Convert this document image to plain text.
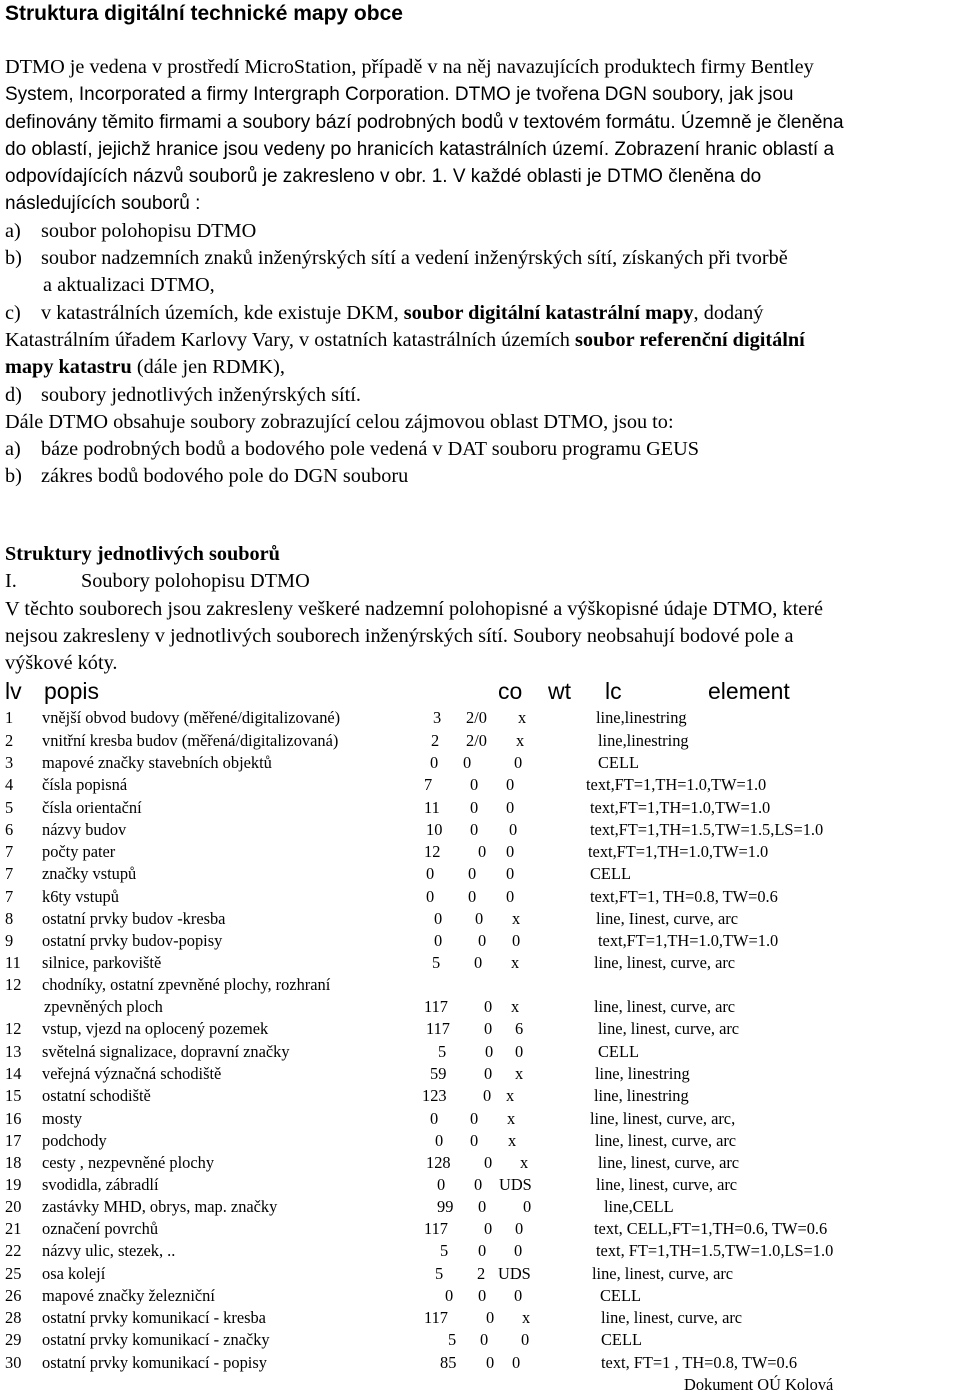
Struktura digitální technické mapy obce

DTMO je vedena v prostředí MicroStation, případě v na něj navazujících produktech firmy Bentley

System, Incorporated a firmy Intergraph Corporation. DTMO je tvořena DGN soubory, jak jsou

definovány těmito firmami a soubory bází podrobných bodů v textovém formátu. Územně je členěna

do oblastí, jejichž hranice jsou vedeny po hranicích katastrálních území. Zobrazení hranic oblastí a

odpovídajících názvů souborů je zakresleno v obr. 1. V každé oblasti je DTMO členěna do

následujících souborů :

a) soubor polohopisu DTMO

b) soubor nadzemních znaků inženýrských sítí a vedení inženýrských sítí, získaných při tvorbě

a aktualizaci DTMO,

c) v katastrálních územích, kde existuje DKM, soubor digitální katastrální mapy, dodaný

Katastrálním úřadem Karlovy Vary, v ostatních katastrálních územích soubor referenční digitální

mapy katastru (dále jen RDMK),

d) soubory jednotlivých inženýrských sítí.

Dále DTMO obsahuje soubory zobrazující celou zájmovou oblast DTMO, jsou to:

a) báze podrobných bodů a bodového pole vedená v DAT souboru programu GEUS

b) zákres bodů bodového pole do DGN souboru

Struktury jednotlivých souborů

I.	Soubory polohopisu DTMO

V těchto souborech jsou zakresleny veškeré nadzemní polohopisné a výškopisné údaje DTMO, které

nejsou zakresleny v jednotlivých souborech inženýrských sítí. Soubory neobsahují bodové pole a

výškové kóty.

lv popis	co wt lc	element
1 vnější obvod budovy (měřené/digitalizované)	3 2/0 x	line,linestring
2 vnitřní kresba budov (měřená/digitalizovaná)	2 2/0 x	line,linestring
3 mapové značky stavebních objektů	0 0	0	CELL
4 čísla popisná	7 0 0	text,FT=1,TH=1.0,TW=1.0
5 čísla orientační	11 0 0	text,FT=1,TH=1.0,TW=1.0
6 názvy budov	10 0 0	text,FT=1,TH=1.5,TW=1.5,LS=1.0
7 počty pater	12 0 0	text,FT=1,TH=1.0,TW=1.0
7 značky vstupů	0 0 0	CELL
7 k6ty vstupů	0 0 0	text,FT=1, TH=0.8, TW=0.6
8 ostatní prvky budov -kresba	0 0 x	line, Iinest, curve, arc
9 ostatní prvky budov-popisy	0 0 0	text,FT=1,TH=1.0,TW=1.0
11 silnice, parkoviště	5 0 x	line, linest, curve, arc
12 chodníky, ostatní zpevněné plochy, rozhraní
zpevněných ploch	117 0 x	line, linest, curve, arc
12 vstup, vjezd na oplocený pozemek	117 0 6	line, linest, curve, arc
13 světelná signalizace, dopravní značky	5 0 0	CELL
14 veřejná význačná schodiště	59 0 x	line, linestring
15 ostatní schodiště	123 0 x	line, linestring
16 mosty	0 0 x	line, linest, curve, arc,
17 podchody	0 0 x	line, linest, curve, arc
18 cesty , nezpevněné plochy	128 0 x	line, linest, curve, arc
19 svodidla, zábradlí	0 0 UDS	line, linest, curve, arc
20 zastávky MHD, obrys, map. značky	99 0 0	line,CELL
21 označení povrchů	117 0 0	text, CELL,FT=1,TH=0.6, TW=0.6
22 názvy ulic, stezek, ..	5 0 0	text, FT=1,TH=1.5,TW=1.0,LS=1.0
25 osa kolejí	5 2 UDS	line, linest, curve, arc
26 mapové značky železniční	0 0 0	CELL
28 ostatní prvky komunikací - kresba	117 0 x	line, linest, curve, arc
29 ostatní prvky komunikací - značky	5 0 0	CELL
30 ostatní prvky komunikací - popisy	85 0 0	text, FT=1 , TH=0.8, TW=0.6
Dokument OÚ Kolová
